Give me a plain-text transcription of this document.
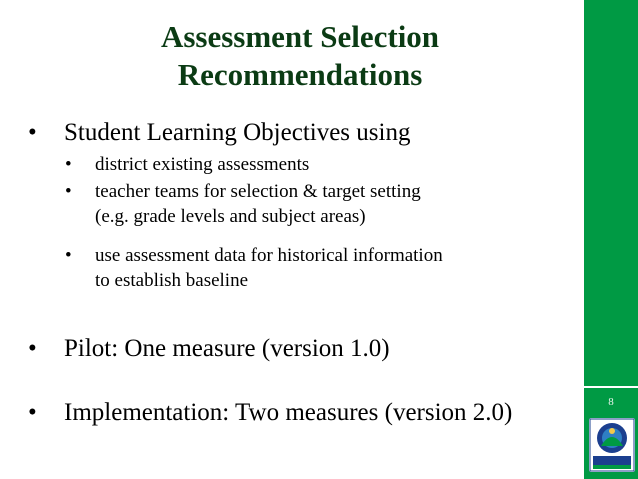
8
Assessment Selection
Recommendations
• Student Learning Objectives using
• district existing assessments
• teacher teams for selection & target setting
(e.g. grade levels and subject areas)
• use assessment data for historical information
to establish baseline
• Pilot: One measure (version 1.0)
• Implementation: Two measures (version 2.0)
